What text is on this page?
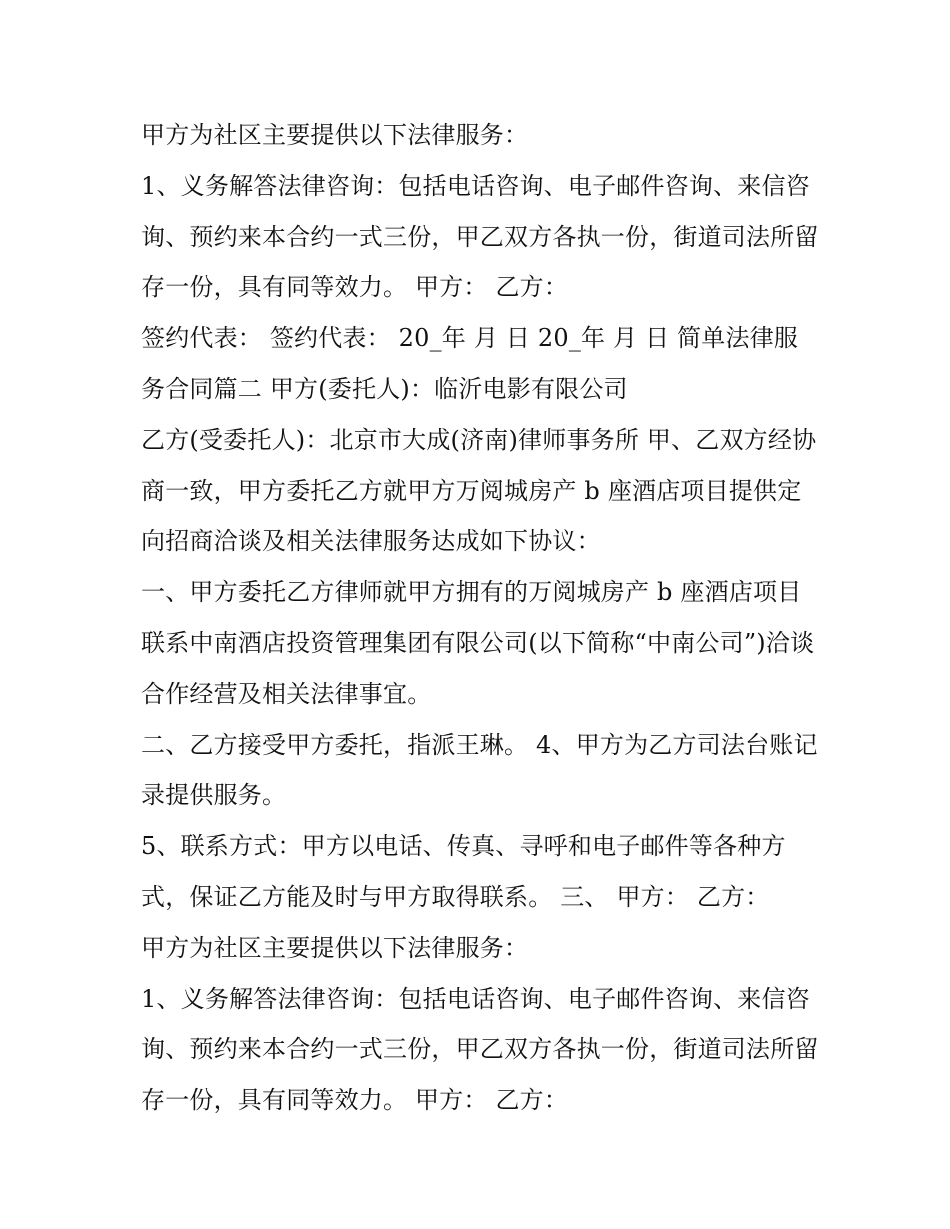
甲方为社区主要提供以下法律服务：

1、义务解答法律咨询：包括电话咨询、电子邮件咨询、来信咨询、预约来本合约一式三份，甲乙双方各执一份，街道司法所留存一份，具有同等效力。 甲方： 乙方：

签约代表： 签约代表： 20_年 月 日 20_年 月 日 简单法律服务合同篇二 甲方(委托人)：临沂电影有限公司

乙方(受委托人)：北京市大成(济南)律师事务所 甲、乙双方经协商一致，甲方委托乙方就甲方万阅城房产 b 座酒店项目提供定向招商洽谈及相关法律服务达成如下协议：

一、甲方委托乙方律师就甲方拥有的万阅城房产 b 座酒店项目联系中南酒店投资管理集团有限公司(以下简称“中南公司”)洽谈合作经营及相关法律事宜。

二、乙方接受甲方委托，指派王琳。 4、甲方为乙方司法台账记录提供服务。

5、联系方式：甲方以电话、传真、寻呼和电子邮件等各种方式，保证乙方能及时与甲方取得联系。 三、 甲方： 乙方：

甲方为社区主要提供以下法律服务：

1、义务解答法律咨询：包括电话咨询、电子邮件咨询、来信咨询、预约来本合约一式三份，甲乙双方各执一份，街道司法所留存一份，具有同等效力。 甲方： 乙方：
